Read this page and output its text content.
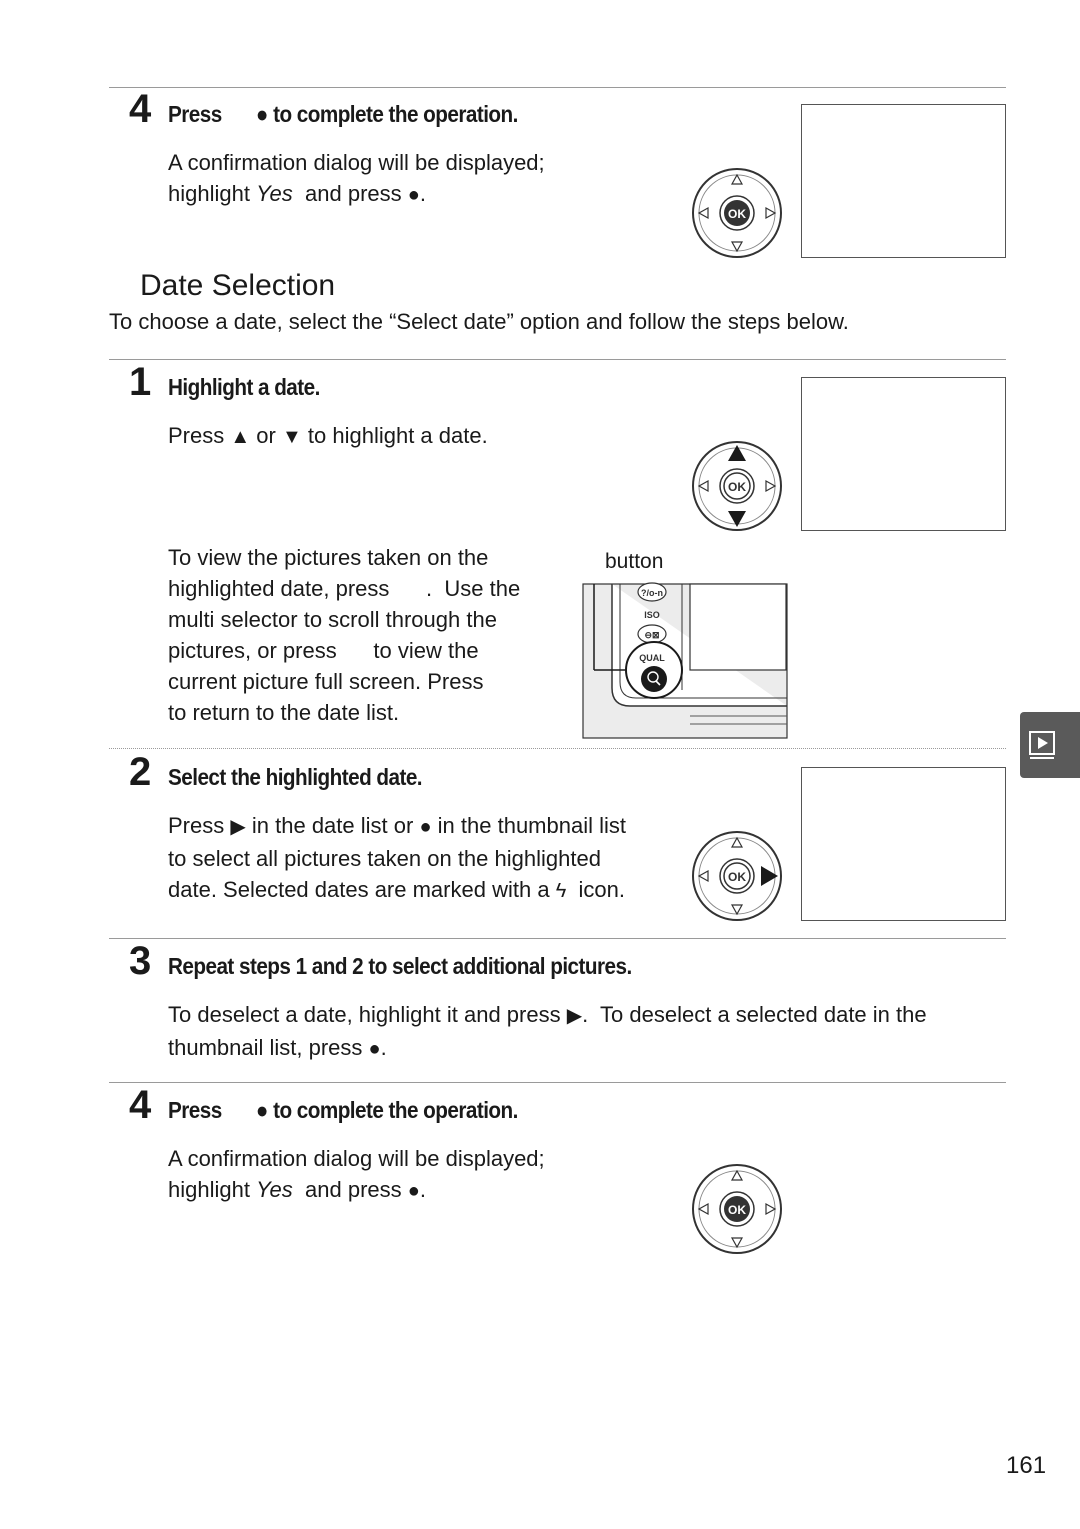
4 Press ● to complete the operation.
A confirmation dialog will be displayed;
highlight Yes and press ●.
OK
Date Selection
To choose a date, select the “Select date” option and follow the steps below.
1 Highlight a date.
Press ▲ or ▼ to highlight a date.
OK
To view the pictures taken on the
highlighted date, press      .  Use the
multi selector to scroll through the
pictures, or press      to view the
current picture full screen. Press
to return to the date list.
button
?/o-n
ISO
⊖⊠
QUAL
2 Select the highlighted date.
Press ▶ in the date list or ● in the thumbnail list
to select all pictures taken on the highlighted
date. Selected dates are marked with a ϟ icon.	OK
3 Repeat steps 1 and 2 to select additional pictures.
To deselect a date, highlight it and press ▶.  To deselect a selected date in the
thumbnail list, press ●.
4 Press ● to complete the operation.
A confirmation dialog will be displayed;
highlight Yes and press ●.
OK
161
